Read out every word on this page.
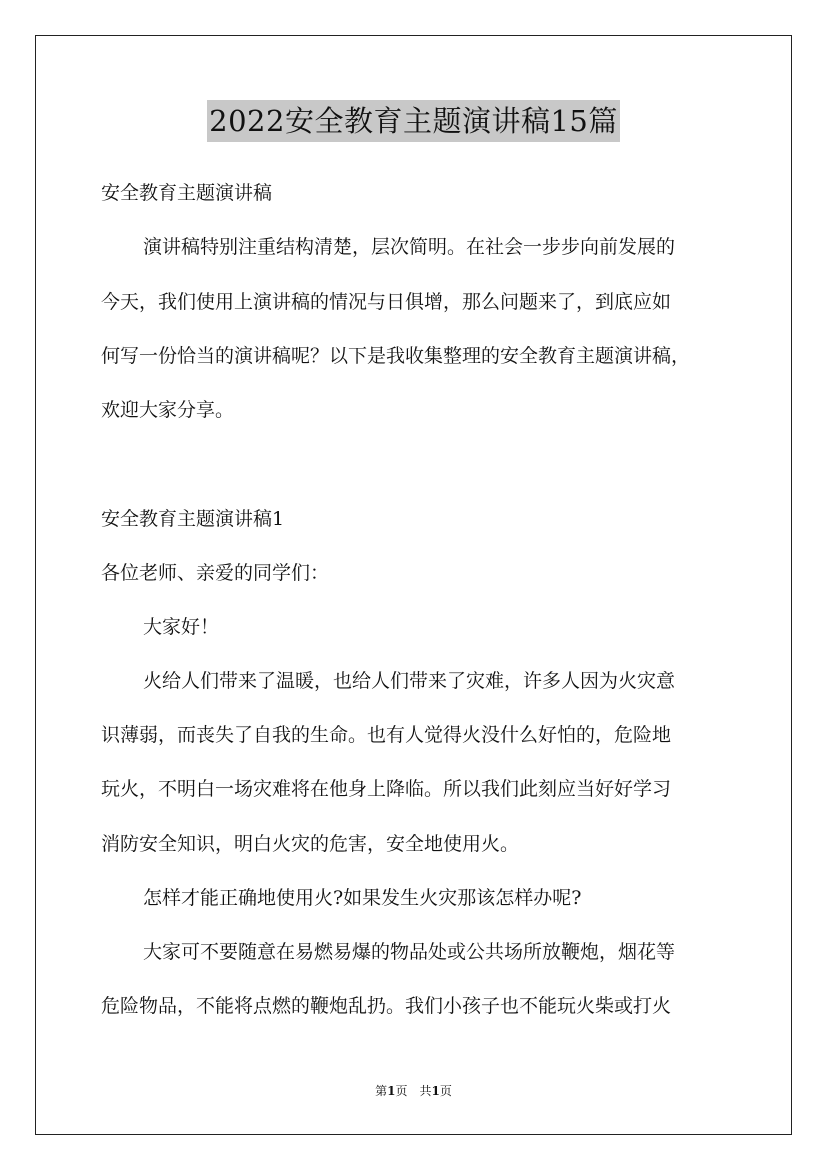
2022安全教育主题演讲稿15篇
安全教育主题演讲稿
演讲稿特别注重结构清楚，层次简明。在社会一步步向前发展的
今天，我们使用上演讲稿的情况与日俱增，那么问题来了，到底应如
何写一份恰当的演讲稿呢？以下是我收集整理的安全教育主题演讲稿，
欢迎大家分享。
安全教育主题演讲稿1
各位老师、亲爱的同学们：
大家好！
火给人们带来了温暖，也给人们带来了灾难，许多人因为火灾意
识薄弱，而丧失了自我的生命。也有人觉得火没什么好怕的，危险地
玩火，不明白一场灾难将在他身上降临。所以我们此刻应当好好学习
消防安全知识，明白火灾的危害，安全地使用火。
怎样才能正确地使用火?如果发生火灾那该怎样办呢?
大家可不要随意在易燃易爆的物品处或公共场所放鞭炮，烟花等
危险物品，不能将点燃的鞭炮乱扔。我们小孩子也不能玩火柴或打火
第1页　共1页
